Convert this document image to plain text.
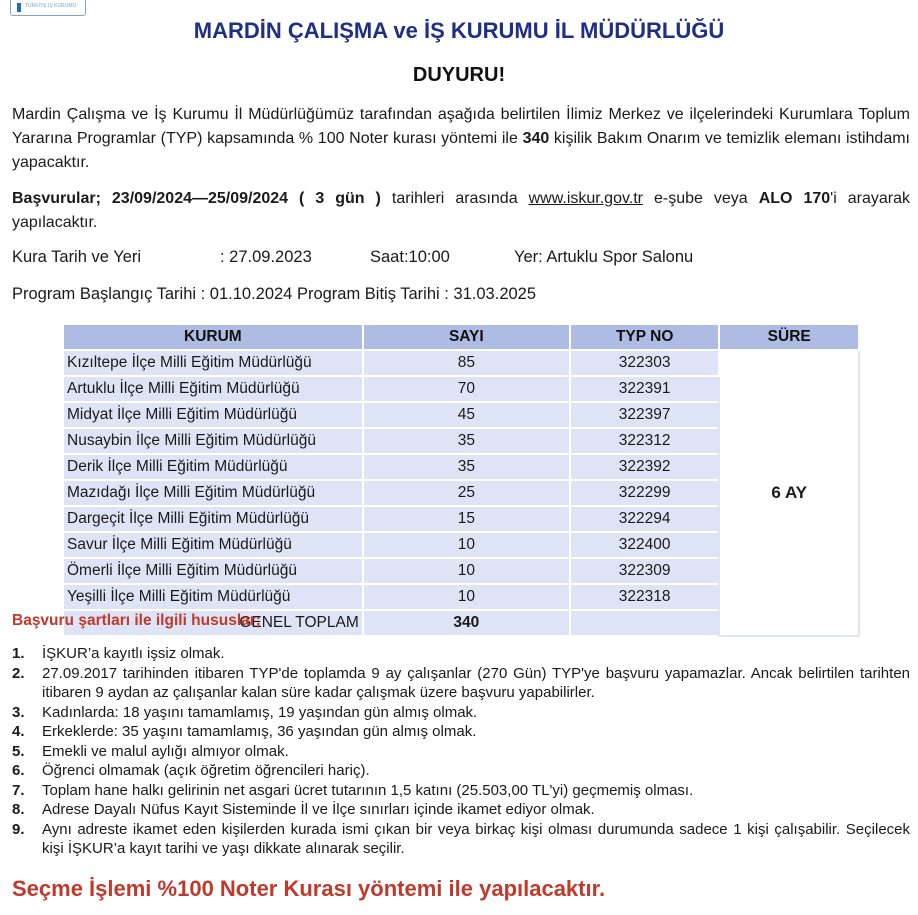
TÜRKİYE İŞ KURUMU
MARDİN ÇALIŞMA ve İŞ KURUMU İL MÜDÜRLÜĞÜ
DUYURU!
Mardin Çalışma ve İş Kurumu İl Müdürlüğümüz tarafından aşağıda belirtilen İlimiz Merkez ve ilçelerindeki Kurumlara Toplum Yararına Programlar (TYP) kapsamında % 100 Noter kurası yöntemi ile 340 kişilik Bakım Onarım ve temizlik elemanı istihdamı yapacaktır.
Başvurular; 23/09/2024—25/09/2024 ( 3 gün ) tarihleri arasında www.iskur.gov.tr e-şube veya ALO 170'i arayarak yapılacaktır.
Kura Tarih ve Yeri	: 27.09.2023	Saat:10:00	Yer: Artuklu Spor Salonu
Program Başlangıç Tarihi : 01.10.2024 Program Bitiş Tarihi : 31.03.2025
KURUM	SAYI	TYP NO	SÜRE
Kızıltepe İlçe Milli Eğitim Müdürlüğü	85	322303	6 AY
Artuklu İlçe Milli Eğitim Müdürlüğü	70	322391	
Midyat İlçe Milli Eğitim Müdürlüğü	45	322397	
Nusaybin İlçe Milli Eğitim Müdürlüğü	35	322312	
Derik İlçe Milli Eğitim Müdürlüğü	35	322392	
Mazıdağı İlçe Milli Eğitim Müdürlüğü	25	322299	
Dargeçit İlçe Milli Eğitim Müdürlüğü	15	322294	
Savur İlçe Milli Eğitim Müdürlüğü	10	322400	
Ömerli İlçe Milli Eğitim Müdürlüğü	10	322309	
Yeşilli İlçe Milli Eğitim Müdürlüğü	10	322318	
GENEL TOPLAM	340		
Başvuru şartları ile ilgili hususlar;
1. İŞKUR’a kayıtlı işsiz olmak.
2. 27.09.2017 tarihinden itibaren TYP'de toplamda 9 ay çalışanlar (270 Gün) TYP'ye başvuru yapamazlar. Ancak belirtilen tarihten itibaren 9 aydan az çalışanlar kalan süre kadar çalışmak üzere başvuru yapabilirler.
3. Kadınlarda: 18 yaşını tamamlamış, 19 yaşından gün almış olmak.
4. Erkeklerde: 35 yaşını tamamlamış, 36 yaşından gün almış olmak.
5. Emekli ve malul aylığı almıyor olmak.
6. Öğrenci olmamak (açık öğretim öğrencileri hariç).
7. Toplam hane halkı gelirinin net asgari ücret tutarının 1,5 katını (25.503,00 TL'yi) geçmemiş olması.
8. Adrese Dayalı Nüfus Kayıt Sisteminde İl ve İlçe sınırları içinde ikamet ediyor olmak.
9. Aynı adreste ikamet eden kişilerden kurada ismi çıkan bir veya birkaç kişi olması durumunda sadece 1 kişi çalışabilir. Seçilecek kişi İŞKUR’a kayıt tarihi ve yaşı dikkate alınarak seçilir.
Seçme İşlemi %100 Noter Kurası yöntemi ile yapılacaktır.
